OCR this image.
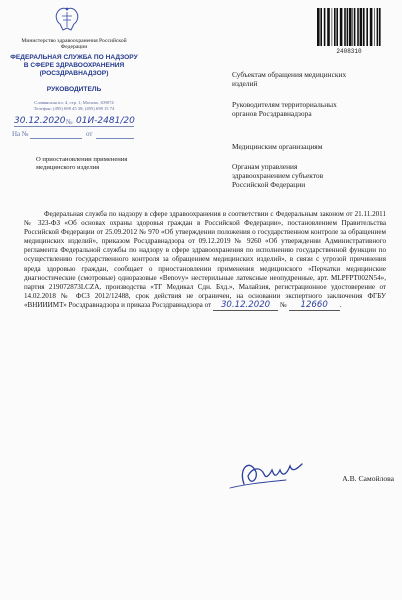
Министерство здравоохранения Российской Федерации
ФЕДЕРАЛЬНАЯ СЛУЖБА ПО НАДЗОРУ В СФЕРЕ ЗДРАВООХРАНЕНИЯ
(РОСЗДРАВНАДЗОР)
РУКОВОДИТЕЛЬ
Славянская пл. 4, стр. 1, Москва, 109074
Телефон: (495) 698 45 38; (495) 698 15 74
30.12.2020 № 01И-2481/20
На №	от
О приостановлении применения медицинского изделия
2408310
Субъектам обращения медицинских изделий
Руководителям территориальных органов Росздравнадзора
Медицинским организациям
Органам управления здравоохранением субъектов Российской Федерации

Федеральная служба по надзору в сфере здравоохранения в соответствии с Федеральным законом от 21.11.2011 № 323-ФЗ «Об основах охраны здоровья граждан в Российской Федерации», постановлением Правительства Российской Федерации от 25.09.2012 № 970 «Об утверждении положения о государственном контроле за обращением медицинских изделий», приказом Росздравнадзора от 09.12.2019 № 9260 «Об утверждении Административного регламента Федеральной службы по надзору в сфере здравоохранения по исполнению государственной функции по осуществлению государственного контроля за обращением медицинских изделий», в связи с угрозой причинения вреда здоровью граждан, сообщает о приостановлении применения медицинского «Перчатки медицинские диагностические (смотровые) одноразовые «Benovy» нестерильные латексные неопудренные, арт. MLPFPT002N54», партия 219072873LCZA, производства «ТГ Медикал Сдн. Бхд.», Малайзия, регистрационное удостоверение от 14.02.2018 № ФСЗ 2012/12488, срок действия не ограничен, на основании экспертного заключения ФГБУ «ВНИИИМТ» Росздравнадзора и приказа Росздравнадзора от 30.12.2020 № 12660 .

А.В. Самойлова
